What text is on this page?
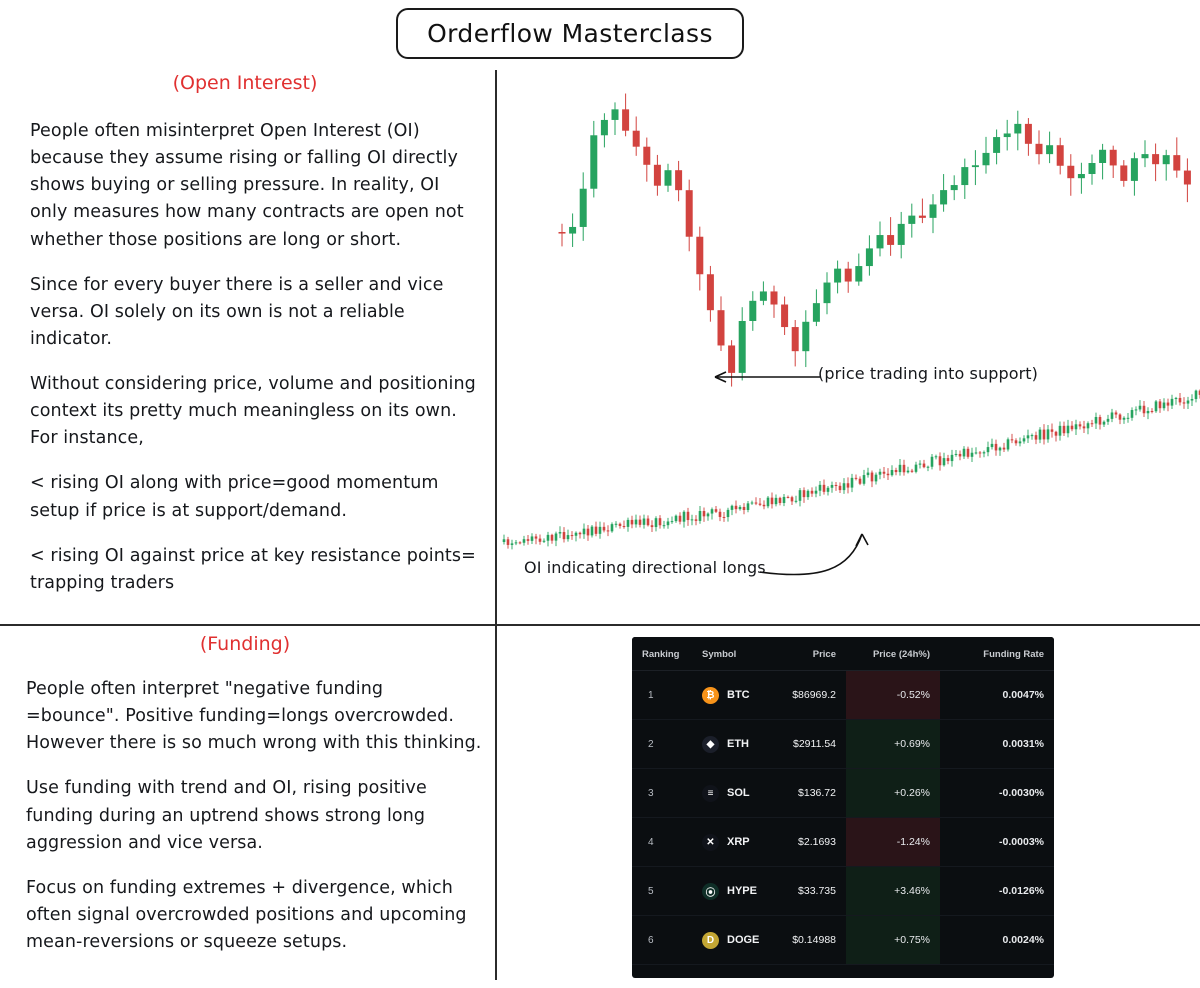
Orderflow Masterclass
(Open Interest)

People often misinterpret Open Interest (OI) because they assume rising or falling OI directly shows buying or selling pressure. In reality, OI only measures how many contracts are open not whether those positions are long or short.

Since for every buyer there is a seller and vice versa. OI solely on its own is not a reliable indicator.

Without considering price, volume and positioning context its pretty much meaningless on its own. For instance,

< rising OI along with price=good momentum setup if price is at support/demand.

< rising OI against price at key resistance points= trapping traders

(Funding)

People often interpret "negative funding =bounce". Positive funding=longs overcrowded. However there is so much wrong with this thinking.

Use funding with trend and OI, rising positive funding during an uptrend shows strong long aggression and vice versa.

Focus on funding extremes + divergence, which often signal overcrowded positions and upcoming mean-reversions or squeeze setups.

(price trading into support)
OI indicating directional longs
Ranking	Symbol	Price	Price (24h%)	Funding Rate
1	₿ BTC	$86969.2	-0.52%	0.0047%
2	◆ ETH	$2911.54	+0.69%	0.0031%
3	≡ SOL	$136.72	+0.26%	-0.0030%
4	✕ XRP	$2.1693	-1.24%	-0.0003%
5	⦿ HYPE	$33.735	+3.46%	-0.0126%
6	D DOGE	$0.14988	+0.75%	0.0024%
